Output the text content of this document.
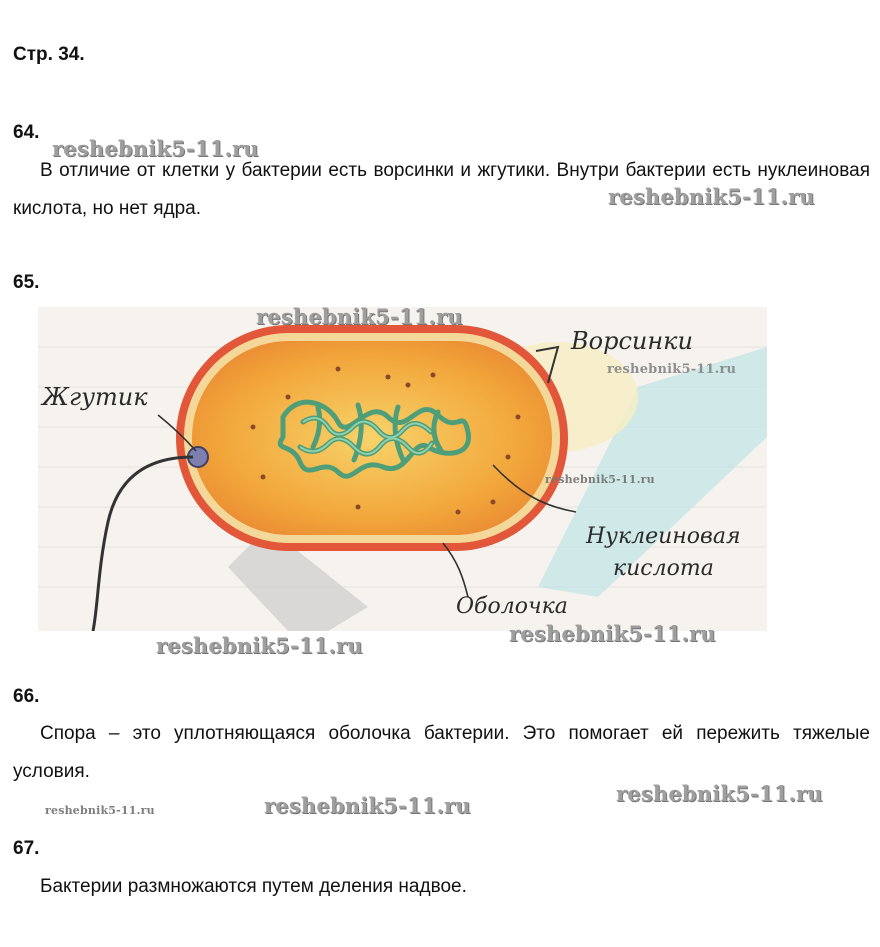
Стр. 34.
64.
В отличие от клетки у бактерии есть ворсинки и жгутики. Внутри бактерии есть нуклеиновая кислота, но нет ядра.
65.
Жгутик
Ворсинки
Нуклеиновая
кислота
Оболочка
66.
Спора – это уплотняющаяся оболочка бактерии. Это помогает ей пережить тяжелые условия.
67.
Бактерии размножаются путем деления надвое.
reshebnik5-11.ru
reshebnik5-11.ru
reshebnik5-11.ru
reshebnik5-11.ru
reshebnik5-11.ru
reshebnik5-11.ru	reshebnik5-11.ru
reshebnik5-11.ru
reshebnik5-11.ru
reshebnik5-11.ru
